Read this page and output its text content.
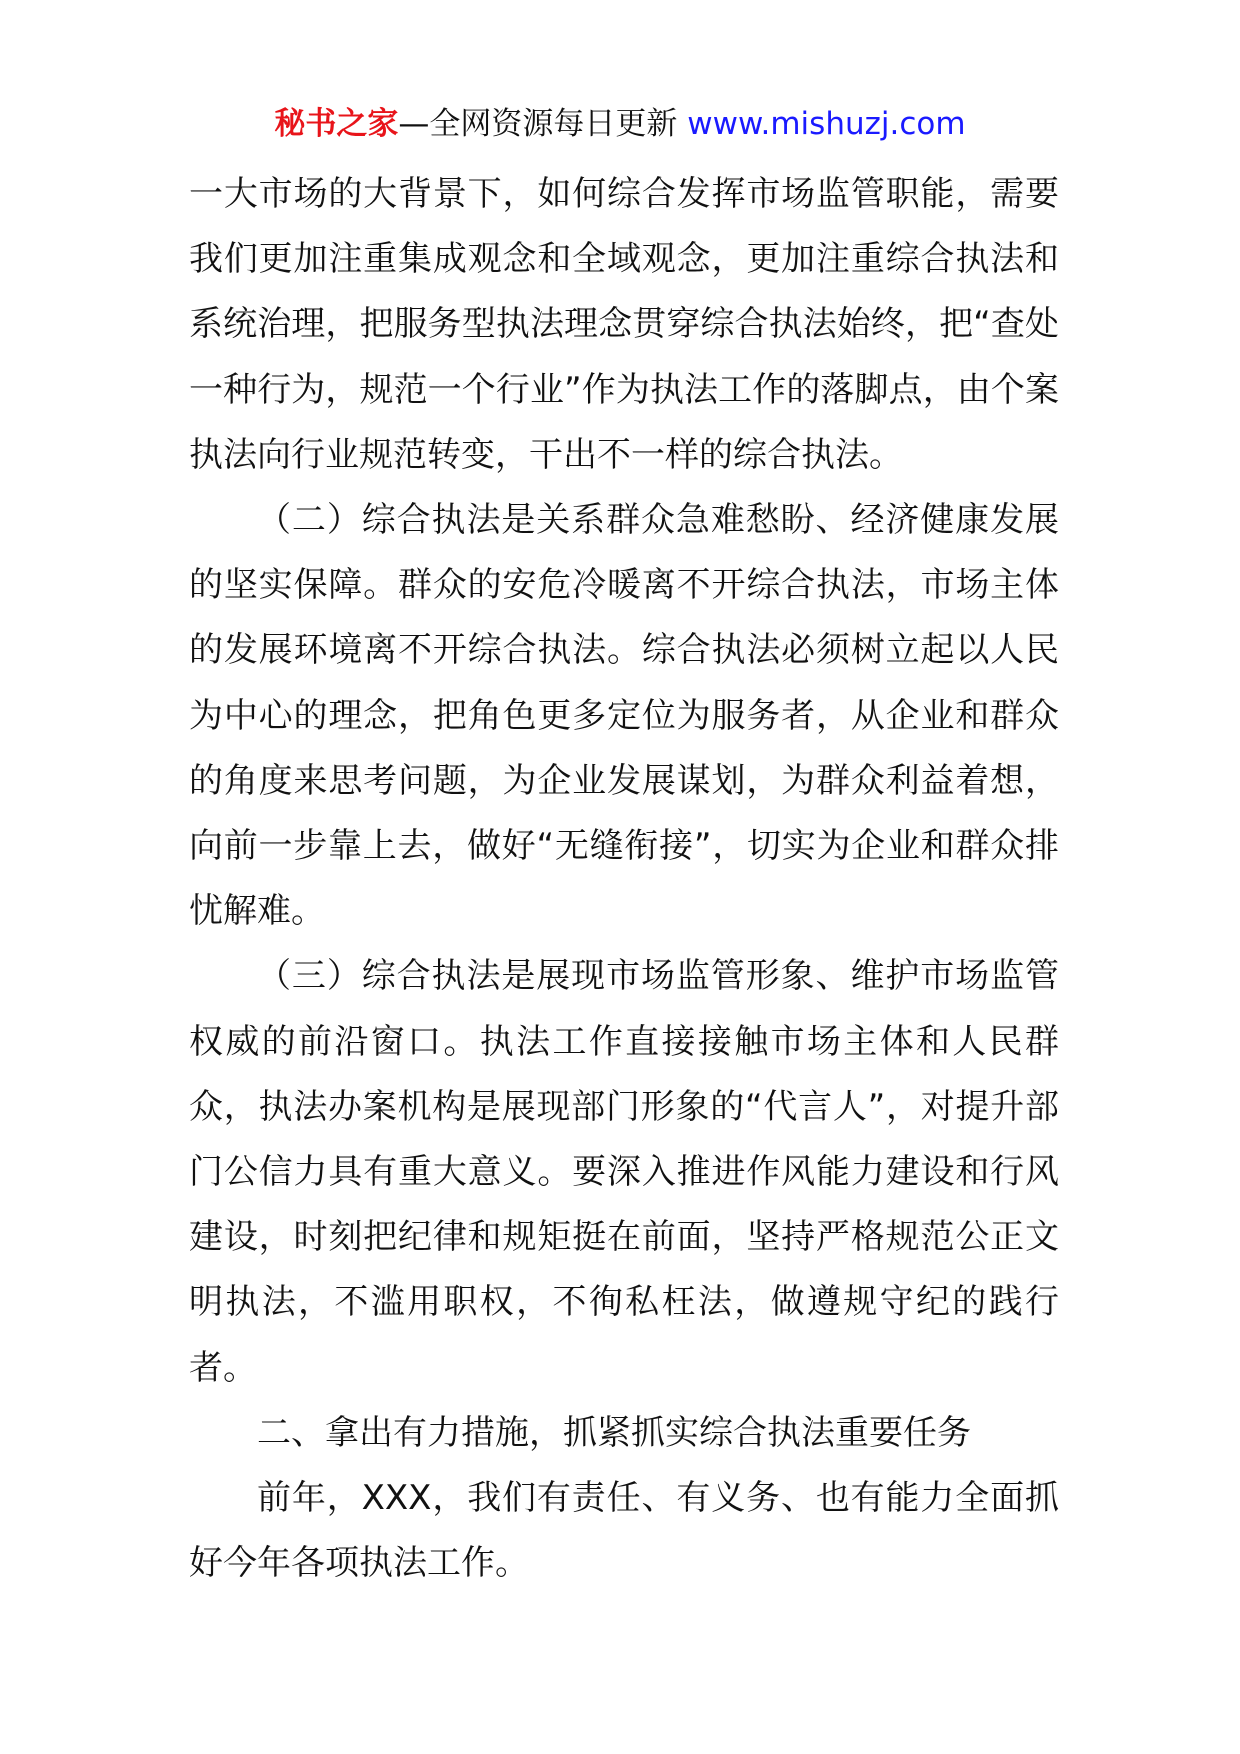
秘书之家—全网资源每日更新 www.mishuzj.com

一大市场的大背景下，如何综合发挥市场监管职能，需要我们更加注重集成观念和全域观念，更加注重综合执法和系统治理，把服务型执法理念贯穿综合执法始终，把“查处一种行为，规范一个行业”作为执法工作的落脚点，由个案执法向行业规范转变，干出不一样的综合执法。

（二）综合执法是关系群众急难愁盼、经济健康发展的坚实保障。群众的安危冷暖离不开综合执法，市场主体的发展环境离不开综合执法。综合执法必须树立起以人民为中心的理念，把角色更多定位为服务者，从企业和群众的角度来思考问题，为企业发展谋划，为群众利益着想，向前一步靠上去，做好“无缝衔接”，切实为企业和群众排忧解难。

（三）综合执法是展现市场监管形象、维护市场监管权威的前沿窗口。执法工作直接接触市场主体和人民群众，执法办案机构是展现部门形象的“代言人”，对提升部门公信力具有重大意义。要深入推进作风能力建设和行风建设，时刻把纪律和规矩挺在前面，坚持严格规范公正文明执法，不滥用职权，不徇私枉法，做遵规守纪的践行者。

二、拿出有力措施，抓紧抓实综合执法重要任务

前年，XXX，我们有责任、有义务、也有能力全面抓好今年各项执法工作。
